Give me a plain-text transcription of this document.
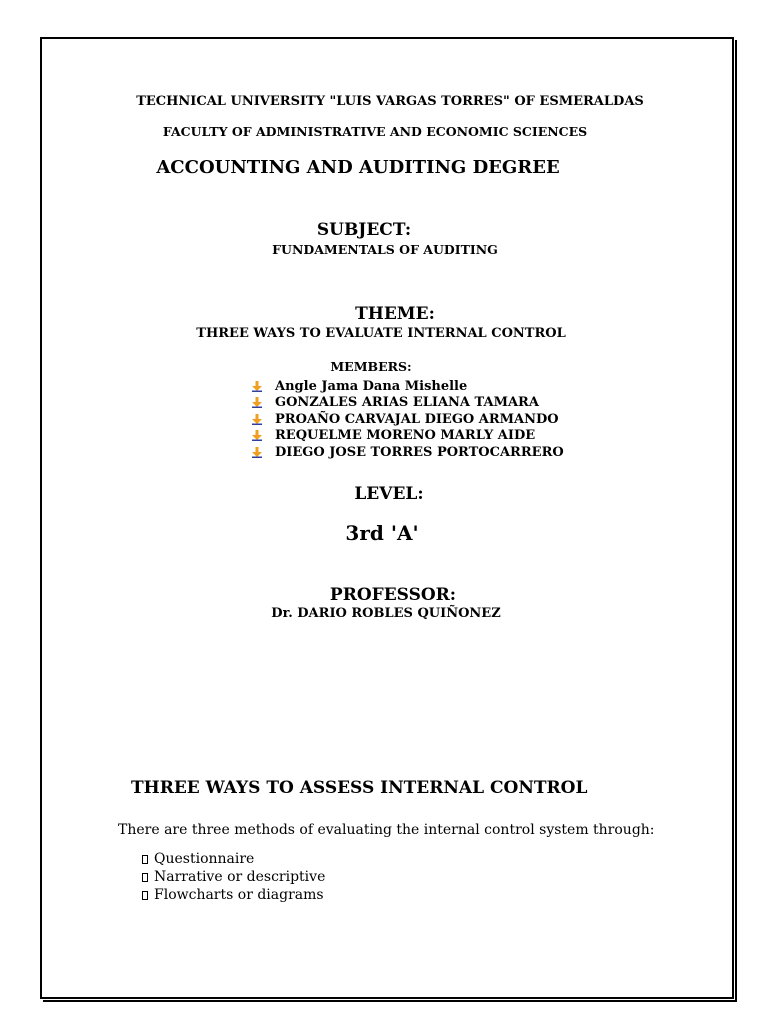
TECHNICAL UNIVERSITY "LUIS VARGAS TORRES" OF ESMERALDAS
FACULTY OF ADMINISTRATIVE AND ECONOMIC SCIENCES
ACCOUNTING AND AUDITING DEGREE
SUBJECT:
FUNDAMENTALS OF AUDITING
THEME:
THREE WAYS TO EVALUATE INTERNAL CONTROL
MEMBERS:
Angle Jama Dana Mishelle
GONZALES ARIAS ELIANA TAMARA
PROAÑO CARVAJAL DIEGO ARMANDO
REQUELME MORENO MARLY AIDE
DIEGO JOSE TORRES PORTOCARRERO
LEVEL:
3rd 'A'
PROFESSOR:
Dr. DARIO ROBLES QUIÑONEZ
THREE WAYS TO ASSESS INTERNAL CONTROL
There are three methods of evaluating the internal control system through:
Questionnaire
Narrative or descriptive
Flowcharts or diagrams
